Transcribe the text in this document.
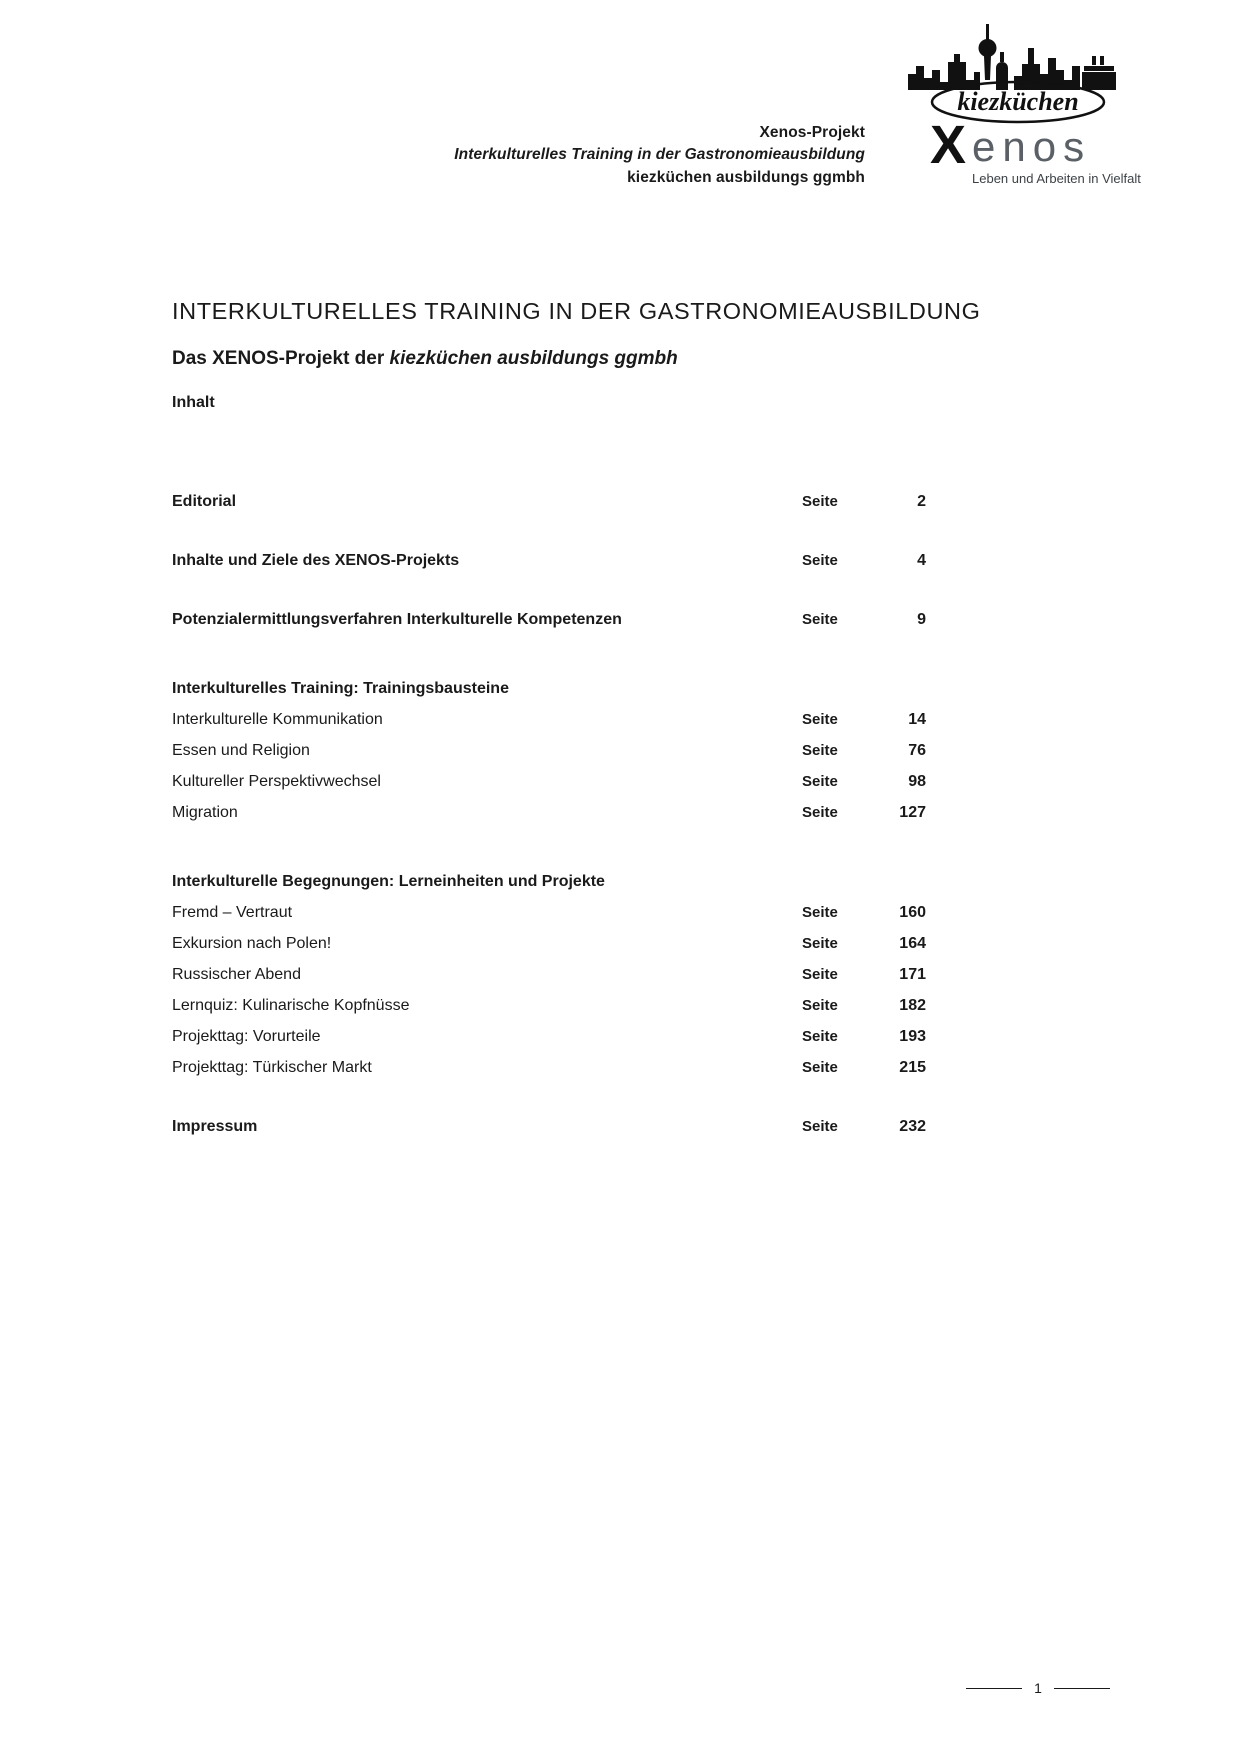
Xenos-Projekt
Interkulturelles Training in der Gastronomieausbildung
kiezküchen ausbildungs ggmbh
kiezküchen
X enos
Leben und Arbeiten in Vielfalt
INTERKULTURELLES TRAINING IN DER GASTRONOMIEAUSBILDUNG
Das XENOS-Projekt der kiezküchen ausbildungs ggmbh
Inhalt
Editorial	Seite	2
Inhalte und Ziele des XENOS-Projekts	Seite	4
Potenzialermittlungsverfahren Interkulturelle Kompetenzen	Seite	9
Interkulturelles Training: Trainingsbausteine
Interkulturelle Kommunikation	Seite	14
Essen und Religion	Seite	76
Kultureller Perspektivwechsel	Seite	98
Migration	Seite	127
Interkulturelle Begegnungen: Lerneinheiten und Projekte
Fremd – Vertraut	Seite	160
Exkursion nach Polen!	Seite	164
Russischer Abend	Seite	171
Lernquiz: Kulinarische Kopfnüsse	Seite	182
Projekttag: Vorurteile	Seite	193
Projekttag: Türkischer Markt	Seite	215
Impressum	Seite	232
1
